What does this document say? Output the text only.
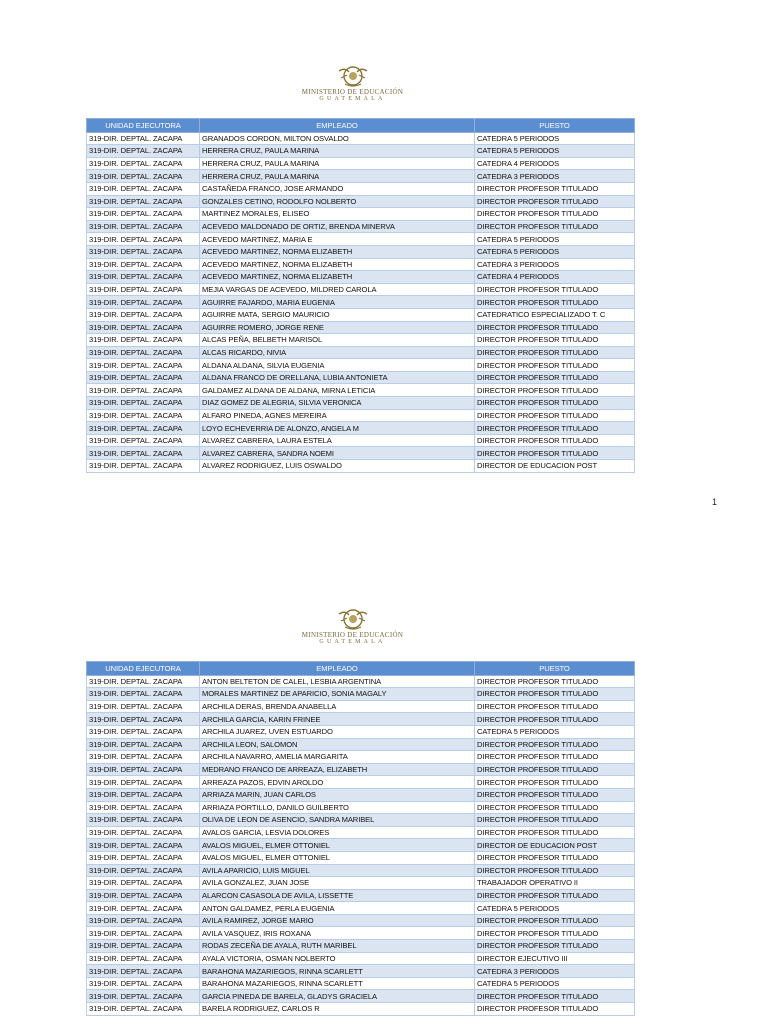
MINISTERIO DE EDUCACIÓN
GUATEMALA
UNIDAD EJECUTORA	EMPLEADO	PUESTO
319-DIR. DEPTAL. ZACAPA	GRANADOS CORDON, MILTON OSVALDO	CATEDRA 5 PERIODOS
319-DIR. DEPTAL. ZACAPA	HERRERA CRUZ, PAULA MARINA	CATEDRA 5 PERIODOS
319-DIR. DEPTAL. ZACAPA	HERRERA CRUZ, PAULA MARINA	CATEDRA 4 PERIODOS
319-DIR. DEPTAL. ZACAPA	HERRERA CRUZ, PAULA MARINA	CATEDRA 3 PERIODOS
319-DIR. DEPTAL. ZACAPA	CASTAÑEDA FRANCO, JOSE ARMANDO	DIRECTOR PROFESOR TITULADO
319-DIR. DEPTAL. ZACAPA	GONZALES CETINO, RODOLFO NOLBERTO	DIRECTOR PROFESOR TITULADO
319-DIR. DEPTAL. ZACAPA	MARTINEZ MORALES, ELISEO	DIRECTOR PROFESOR TITULADO
319-DIR. DEPTAL. ZACAPA	ACEVEDO MALDONADO DE ORTIZ, BRENDA MINERVA	DIRECTOR PROFESOR TITULADO
319-DIR. DEPTAL. ZACAPA	ACEVEDO MARTINEZ, MARIA E	CATEDRA 5 PERIODOS
319-DIR. DEPTAL. ZACAPA	ACEVEDO MARTINEZ, NORMA ELIZABETH	CATEDRA 5 PERIODOS
319-DIR. DEPTAL. ZACAPA	ACEVEDO MARTINEZ, NORMA ELIZABETH	CATEDRA 3 PERIODOS
319-DIR. DEPTAL. ZACAPA	ACEVEDO MARTINEZ, NORMA ELIZABETH	CATEDRA 4 PERIODOS
319-DIR. DEPTAL. ZACAPA	MEJIA VARGAS DE ACEVEDO, MILDRED CAROLA	DIRECTOR PROFESOR TITULADO
319-DIR. DEPTAL. ZACAPA	AGUIRRE FAJARDO, MARIA EUGENIA	DIRECTOR PROFESOR TITULADO
319-DIR. DEPTAL. ZACAPA	AGUIRRE MATA, SERGIO MAURICIO	CATEDRATICO ESPECIALIZADO T. C
319-DIR. DEPTAL. ZACAPA	AGUIRRE ROMERO, JORGE RENE	DIRECTOR PROFESOR TITULADO
319-DIR. DEPTAL. ZACAPA	ALCAS PEÑA, BELBETH MARISOL	DIRECTOR PROFESOR TITULADO
319-DIR. DEPTAL. ZACAPA	ALCAS RICARDO, NIVIA	DIRECTOR PROFESOR TITULADO
319-DIR. DEPTAL. ZACAPA	ALDANA ALDANA, SILVIA EUGENIA	DIRECTOR PROFESOR TITULADO
319-DIR. DEPTAL. ZACAPA	ALDANA FRANCO DE ORELLANA, LUBIA ANTONIETA	DIRECTOR PROFESOR TITULADO
319-DIR. DEPTAL. ZACAPA	GALDAMEZ ALDANA DE ALDANA, MIRNA LETICIA	DIRECTOR PROFESOR TITULADO
319-DIR. DEPTAL. ZACAPA	DIAZ GOMEZ DE ALEGRIA, SILVIA VERONICA	DIRECTOR PROFESOR TITULADO
319-DIR. DEPTAL. ZACAPA	ALFARO PINEDA, AGNES MEREIRA	DIRECTOR PROFESOR TITULADO
319-DIR. DEPTAL. ZACAPA	LOYO ECHEVERRIA DE ALONZO, ANGELA M	DIRECTOR PROFESOR TITULADO
319-DIR. DEPTAL. ZACAPA	ALVAREZ CABRERA, LAURA ESTELA	DIRECTOR PROFESOR TITULADO
319-DIR. DEPTAL. ZACAPA	ALVAREZ CABRERA, SANDRA NOEMI	DIRECTOR PROFESOR TITULADO
319-DIR. DEPTAL. ZACAPA	ALVAREZ RODRIGUEZ, LUIS OSWALDO	DIRECTOR DE EDUCACION POST
1
MINISTERIO DE EDUCACIÓN
GUATEMALA
UNIDAD EJECUTORA	EMPLEADO	PUESTO
319-DIR. DEPTAL. ZACAPA	ANTON BELTETON DE CALEL, LESBIA ARGENTINA	DIRECTOR PROFESOR TITULADO
319-DIR. DEPTAL. ZACAPA	MORALES MARTINEZ DE APARICIO, SONIA MAGALY	DIRECTOR PROFESOR TITULADO
319-DIR. DEPTAL. ZACAPA	ARCHILA DERAS, BRENDA ANABELLA	DIRECTOR PROFESOR TITULADO
319-DIR. DEPTAL. ZACAPA	ARCHILA GARCIA, KARIN FRINEE	DIRECTOR PROFESOR TITULADO
319-DIR. DEPTAL. ZACAPA	ARCHILA JUAREZ, UVEN ESTUARDO	CATEDRA 5 PERIODOS
319-DIR. DEPTAL. ZACAPA	ARCHILA LEON, SALOMON	DIRECTOR PROFESOR TITULADO
319-DIR. DEPTAL. ZACAPA	ARCHILA NAVARRO, AMELIA MARGARITA	DIRECTOR PROFESOR TITULADO
319-DIR. DEPTAL. ZACAPA	MEDRANO FRANCO DE ARREAZA, ELIZABETH	DIRECTOR PROFESOR TITULADO
319-DIR. DEPTAL. ZACAPA	ARREAZA PAZOS, EDVIN AROLDO	DIRECTOR PROFESOR TITULADO
319-DIR. DEPTAL. ZACAPA	ARRIAZA MARIN, JUAN CARLOS	DIRECTOR PROFESOR TITULADO
319-DIR. DEPTAL. ZACAPA	ARRIAZA PORTILLO, DANILO GUILBERTO	DIRECTOR PROFESOR TITULADO
319-DIR. DEPTAL. ZACAPA	OLIVA DE LEON DE ASENCIO, SANDRA MARIBEL	DIRECTOR PROFESOR TITULADO
319-DIR. DEPTAL. ZACAPA	AVALOS GARCIA, LESVIA DOLORES	DIRECTOR PROFESOR TITULADO
319-DIR. DEPTAL. ZACAPA	AVALOS MIGUEL, ELMER OTTONIEL	DIRECTOR DE EDUCACION POST
319-DIR. DEPTAL. ZACAPA	AVALOS MIGUEL, ELMER OTTONIEL	DIRECTOR PROFESOR TITULADO
319-DIR. DEPTAL. ZACAPA	AVILA APARICIO, LUIS MIGUEL	DIRECTOR PROFESOR TITULADO
319-DIR. DEPTAL. ZACAPA	AVILA GONZALEZ, JUAN JOSE	TRABAJADOR OPERATIVO II
319-DIR. DEPTAL. ZACAPA	ALARCON CASASOLA DE AVILA, LISSETTE	DIRECTOR PROFESOR TITULADO
319-DIR. DEPTAL. ZACAPA	ANTON GALDAMEZ, PERLA EUGENIA	CATEDRA 5 PERIODOS
319-DIR. DEPTAL. ZACAPA	AVILA RAMIREZ, JORGE MARIO	DIRECTOR PROFESOR TITULADO
319-DIR. DEPTAL. ZACAPA	AVILA VASQUEZ, IRIS ROXANA	DIRECTOR PROFESOR TITULADO
319-DIR. DEPTAL. ZACAPA	RODAS ZECEÑA DE AYALA, RUTH MARIBEL	DIRECTOR PROFESOR TITULADO
319-DIR. DEPTAL. ZACAPA	AYALA VICTORIA, OSMAN NOLBERTO	DIRECTOR EJECUTIVO III
319-DIR. DEPTAL. ZACAPA	BARAHONA MAZARIEGOS, RINNA SCARLETT	CATEDRA 3 PERIODOS
319-DIR. DEPTAL. ZACAPA	BARAHONA MAZARIEGOS, RINNA SCARLETT	CATEDRA 5 PERIODOS
319-DIR. DEPTAL. ZACAPA	GARCIA PINEDA DE BARELA, GLADYS GRACIELA	DIRECTOR PROFESOR TITULADO
319-DIR. DEPTAL. ZACAPA	BARELA RODRIGUEZ, CARLOS R	DIRECTOR PROFESOR TITULADO
